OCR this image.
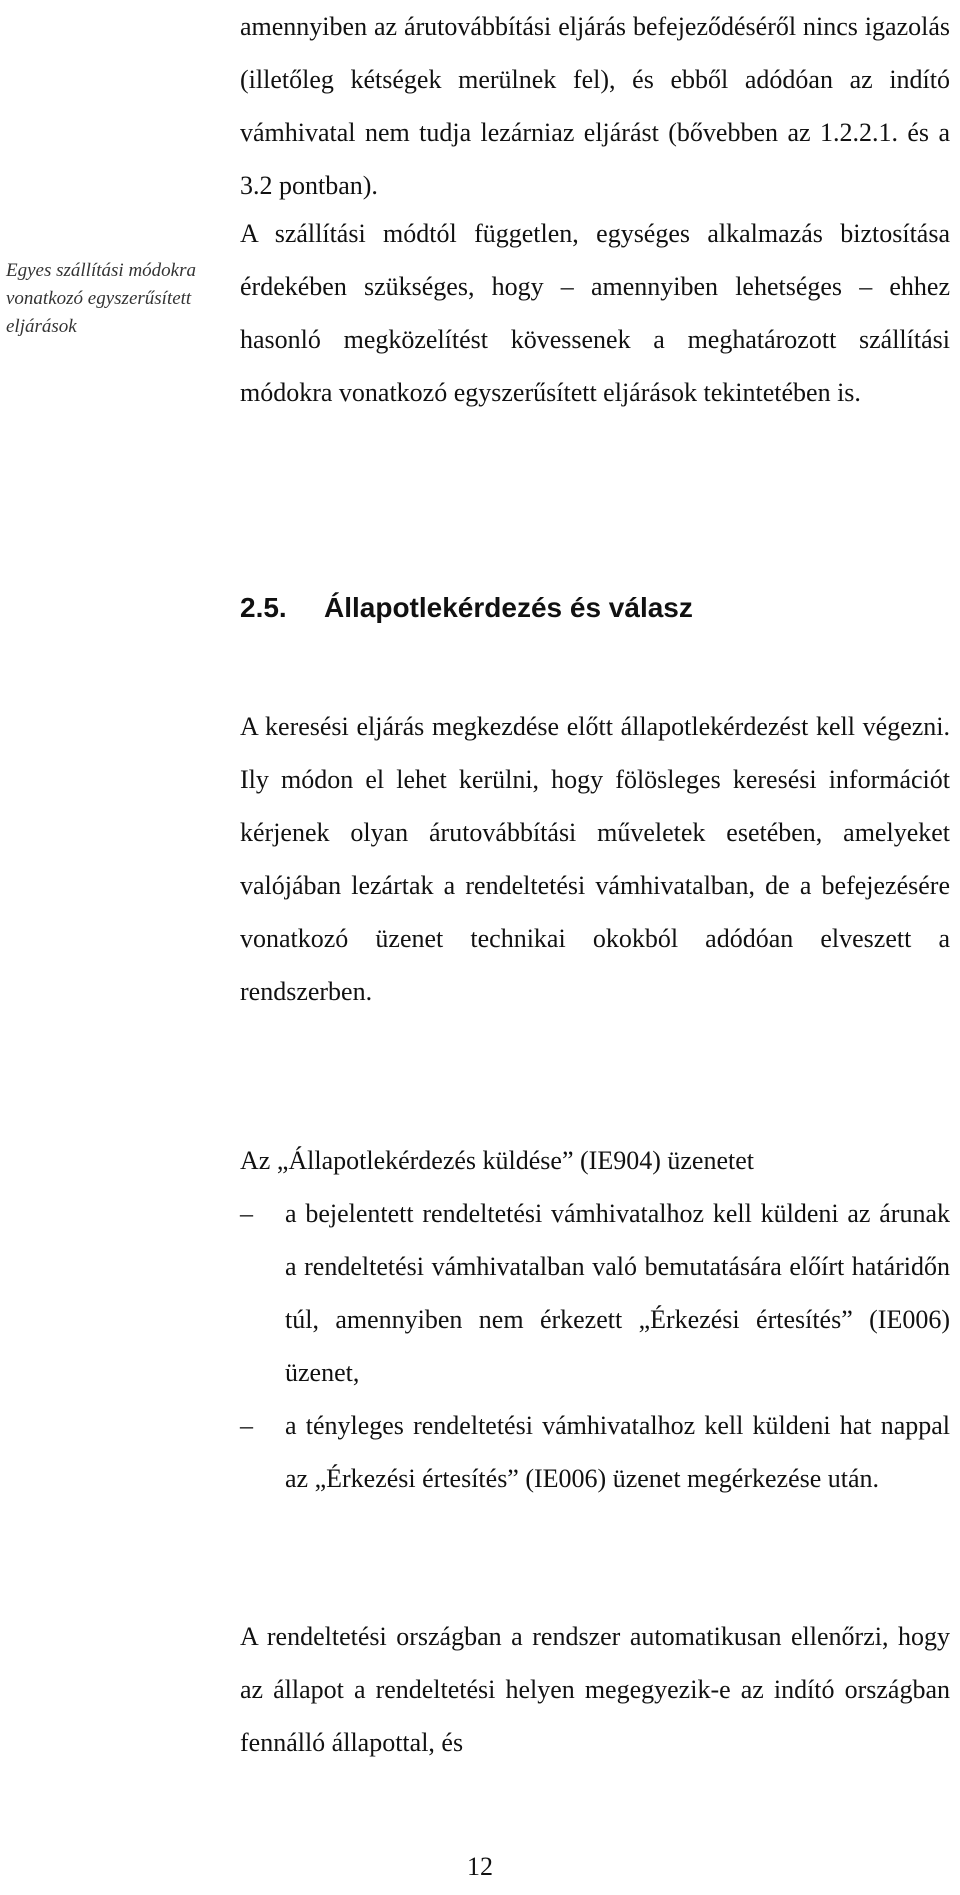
amennyiben az árutovábbítási eljárás befejeződéséről nincs igazolás (illetőleg kétségek merülnek fel), és ebből adódóan az indító vámhivatal nem tudja lezárniaz eljárást (bővebben az 1.2.2.1. és a 3.2 pontban).

Egyes szállítási módokra vonatkozó egyszerűsített eljárások

A szállítási módtól független, egységes alkalmazás biztosítása érdekében szükséges, hogy – amennyiben lehetséges – ehhez hasonló megközelítést kövessenek a meghatározott szállítási módokra vonatkozó egyszerűsített eljárások tekintetében is.

2.5. Állapotlekérdezés és válasz

A keresési eljárás megkezdése előtt állapotlekérdezést kell végezni. Ily módon el lehet kerülni, hogy fölösleges keresési információt kérjenek olyan árutovábbítási műveletek esetében, amelyeket valójában lezártak a rendeltetési vámhivatalban, de a befejezésére vonatkozó üzenet technikai okokból adódóan elveszett a rendszerben.

Az „Állapotlekérdezés küldése” (IE904) üzenetet

–	a bejelentett rendeltetési vámhivatalhoz kell küldeni az árunak a rendeltetési vámhivatalban való bemutatására előírt határidőn túl, amennyiben nem érkezett „Érkezési értesítés” (IE006) üzenet,
–	a tényleges rendeltetési vámhivatalhoz kell küldeni hat nappal az „Érkezési értesítés” (IE006) üzenet megérkezése után.

A rendeltetési országban a rendszer automatikusan ellenőrzi, hogy az állapot a rendeltetési helyen megegyezik-e az indító országban fennálló állapottal, és

12
